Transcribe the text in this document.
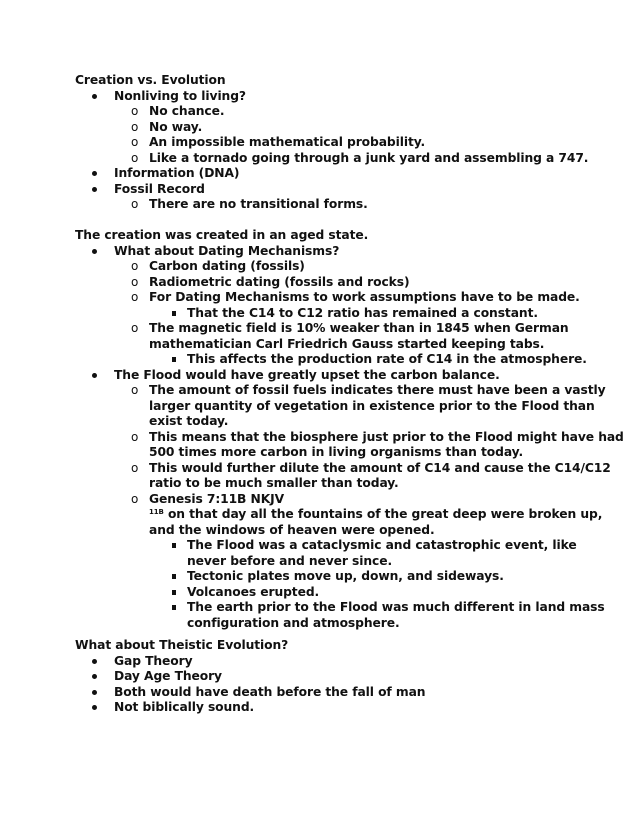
Creation vs. Evolution
Nonliving to living?
o No chance.
o No way.
o An impossible mathematical probability.
o Like a tornado going through a junk yard and assembling a 747.
Information (DNA)
Fossil Record
o There are no transitional forms.
The creation was created in an aged state.
What about Dating Mechanisms?
o Carbon dating (fossils)
o Radiometric dating (fossils and rocks)
o For Dating Mechanisms to work assumptions have to be made.
That the C14 to C12 ratio has remained a constant.
o The magnetic field is 10% weaker than in 1845 when German
mathematician Carl Friedrich Gauss started keeping tabs.
This affects the production rate of C14 in the atmosphere.
The Flood would have greatly upset the carbon balance.
o The amount of fossil fuels indicates there must have been a vastly
larger quantity of vegetation in existence prior to the Flood than
exist today.
o This means that the biosphere just prior to the Flood might have had
500 times more carbon in living organisms than today.
o This would further dilute the amount of C14 and cause the C14/C12
ratio to be much smaller than today.
o Genesis 7:11B NKJV
$^{11B}$ on that day all the fountains of the great deep were broken up,
and the windows of heaven were opened.
The Flood was a cataclysmic and catastrophic event, like
never before and never since.
Tectonic plates move up, down, and sideways.
Volcanoes erupted.
The earth prior to the Flood was much different in land mass
configuration and atmosphere.
What about Theistic Evolution?
Gap Theory
Day Age Theory
Both would have death before the fall of man
Not biblically sound.
